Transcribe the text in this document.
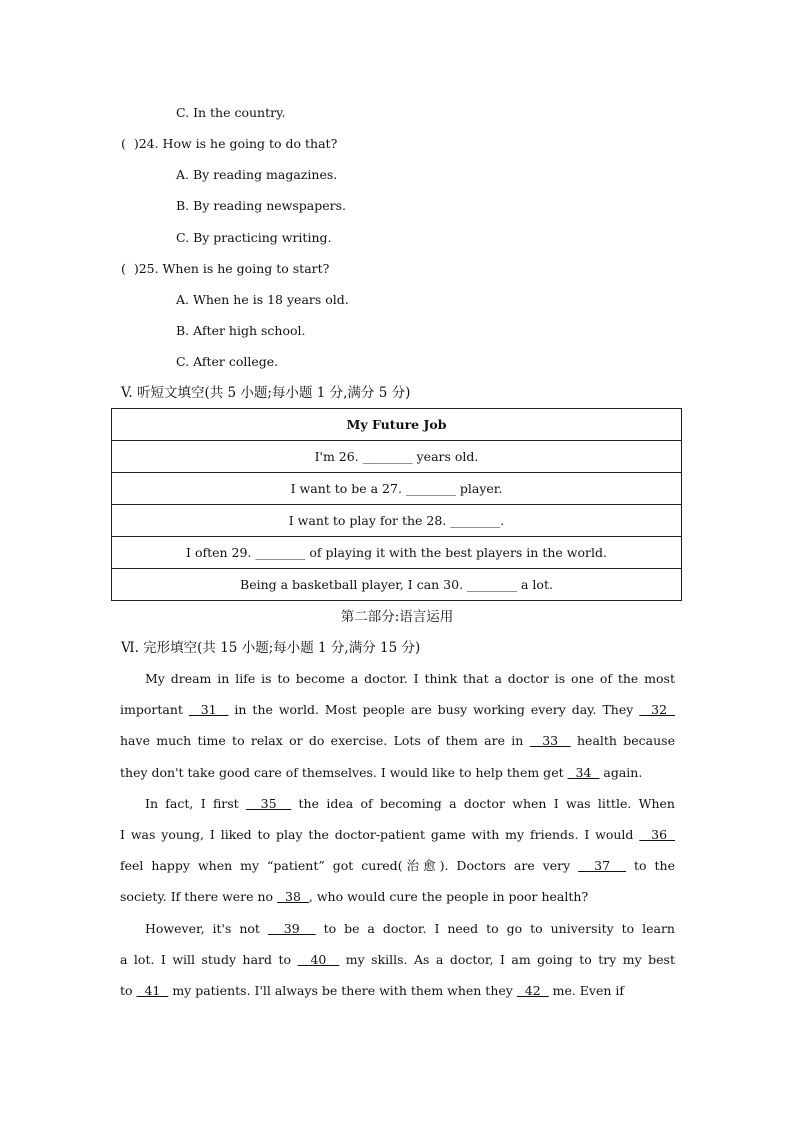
C. In the country.
(  )24. How is he going to do that?
A. By reading magazines.
B. By reading newspapers.
C. By practicing writing.
(  )25. When is he going to start?
A. When he is 18 years old.
B. After high school.
C. After college.
V. 听短文填空(共 5 小题;每小题 1 分,满分 5 分)
My Future Job
I'm 26. ________ years old.
I want to be a 27. ________ player.
I want to play for the 28. ________.
I often 29. ________ of playing it with the best players in the world.
Being a basketball player, I can 30. ________ a lot.
第二部分:语言运用
Ⅵ. 完形填空(共 15 小题;每小题 1 分,满分 15 分)
My dream in life is to become a doctor. I think that a doctor is one of the most
important   31   in the world. Most people are busy working every day. They   32
have much time to relax or do exercise. Lots of them are in   33   health because
they don't take good care of themselves. I would like to help them get   34   again.
In fact, I first   35   the idea of becoming a doctor when I was little. When
I was young, I liked to play the doctor-patient game with my friends. I would   36
feel happy when my “patient” got cured(治愈). Doctors are very   37   to the
society. If there were no   38  , who would cure the people in poor health?
However, it's not   39   to be a doctor. I need to go to university to learn
a lot. I will study hard to   40   my skills. As a doctor, I am going to try my best
to   41   my patients. I'll always be there with them when they   42   me. Even if
